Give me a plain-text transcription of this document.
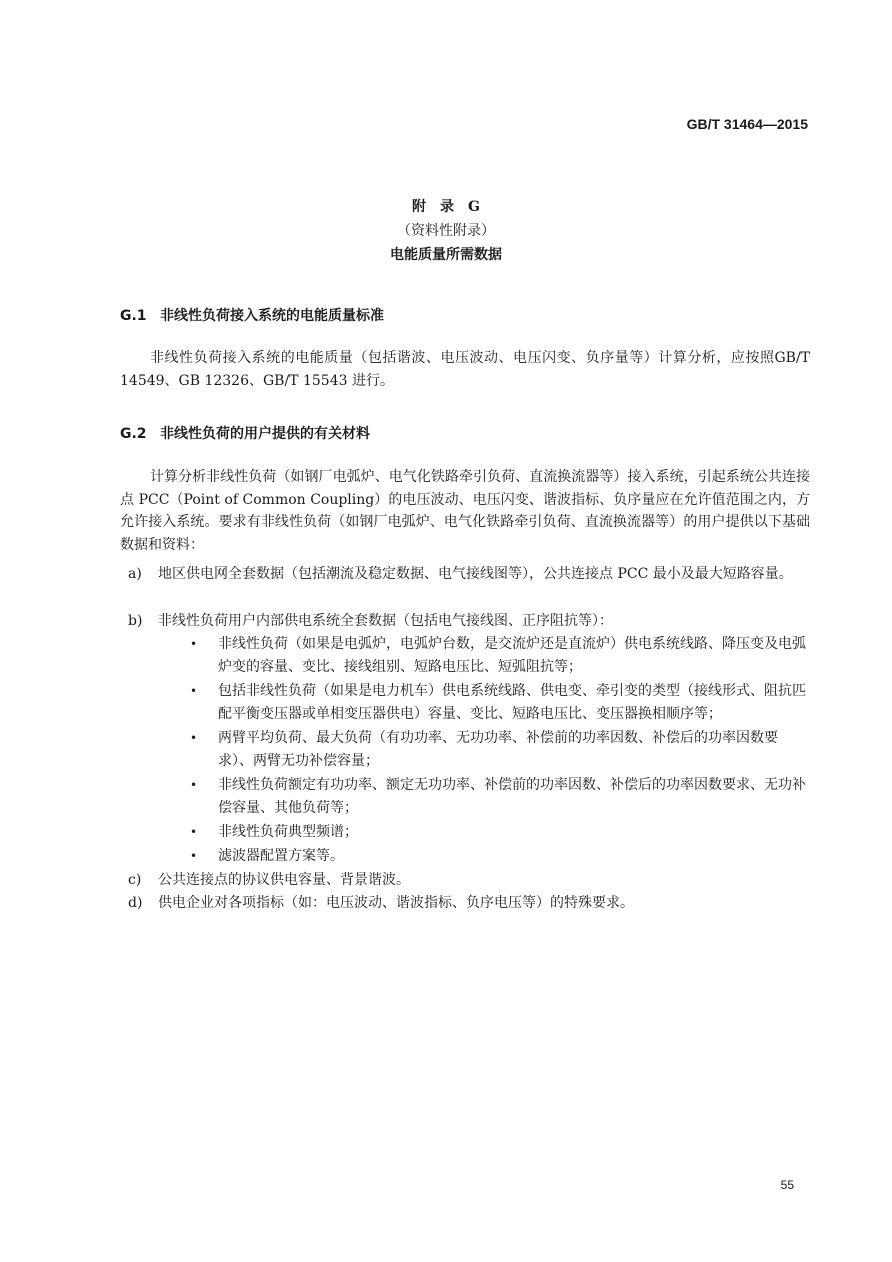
GB/T 31464—2015
附　录　G
（资料性附录）
电能质量所需数据
G.1 非线性负荷接入系统的电能质量标准
非线性负荷接入系统的电能质量（包括谐波、电压波动、电压闪变、负序量等）计算分析，应按照GB/T 14549、GB 12326、GB/T 15543 进行。
G.2 非线性负荷的用户提供的有关材料
计算分析非线性负荷（如钢厂电弧炉、电气化铁路牵引负荷、直流换流器等）接入系统，引起系统公共连接点 PCC（Point of Common Coupling）的电压波动、电压闪变、谐波指标、负序量应在允许值范围之内，方允许接入系统。要求有非线性负荷（如钢厂电弧炉、电气化铁路牵引负荷、直流换流器等）的用户提供以下基础数据和资料：
a) 地区供电网全套数据（包括潮流及稳定数据、电气接线图等），公共连接点 PCC 最小及最大短路容量。
b) 非线性负荷用户内部供电系统全套数据（包括电气接线图、正序阻抗等）：
• 非线性负荷（如果是电弧炉，电弧炉台数，是交流炉还是直流炉）供电系统线路、降压变及电弧炉变的容量、变比、接线组别、短路电压比、短弧阻抗等；
• 包括非线性负荷（如果是电力机车）供电系统线路、供电变、牵引变的类型（接线形式、阻抗匹配平衡变压器或单相变压器供电）容量、变比、短路电压比、变压器换相顺序等；
• 两臂平均负荷、最大负荷（有功功率、无功功率、补偿前的功率因数、补偿后的功率因数要求）、两臂无功补偿容量；
• 非线性负荷额定有功功率、额定无功功率、补偿前的功率因数、补偿后的功率因数要求、无功补偿容量、其他负荷等；
• 非线性负荷典型频谱；
• 滤波器配置方案等。
c) 公共连接点的协议供电容量、背景谐波。
d) 供电企业对各项指标（如：电压波动、谐波指标、负序电压等）的特殊要求。
55
